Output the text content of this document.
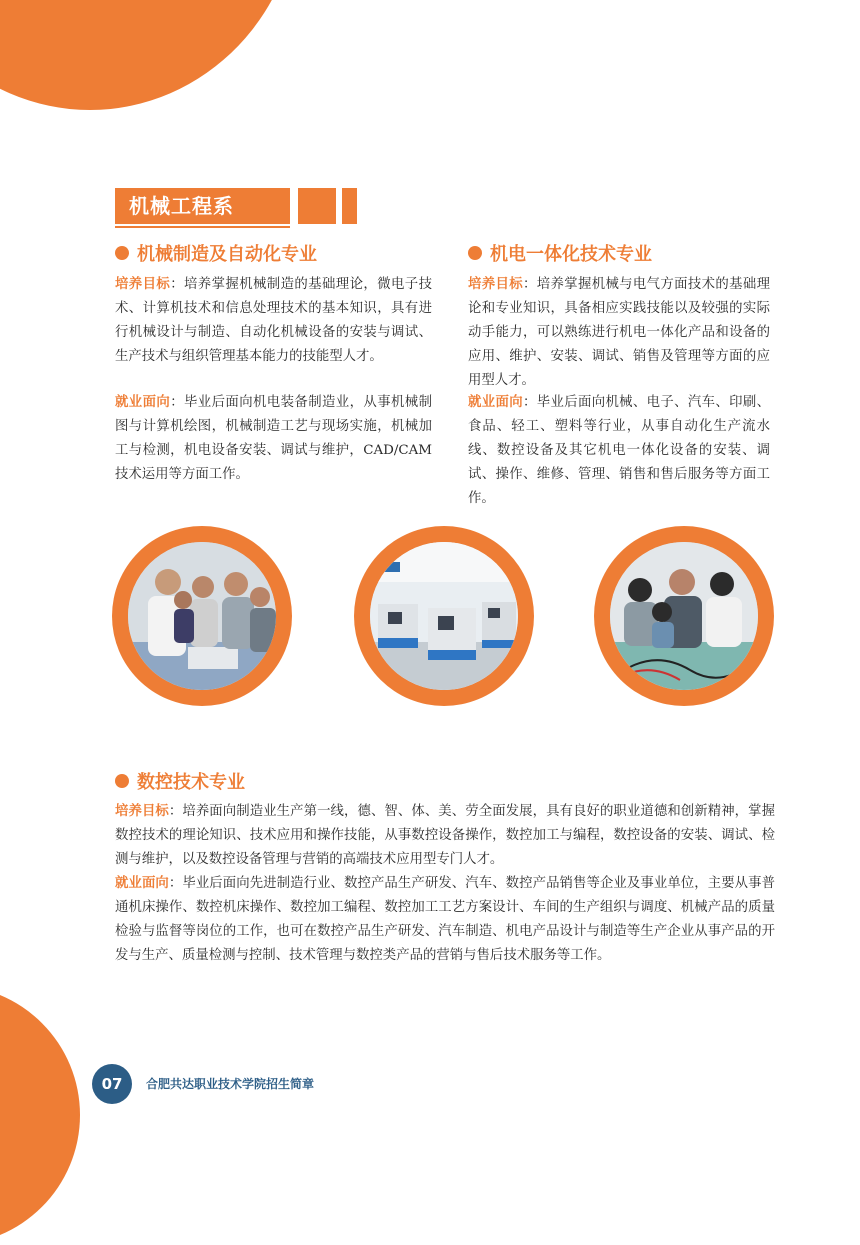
机械工程系
机械制造及自动化专业
培养目标：培养掌握机械制造的基础理论，微电子技术、计算机技术和信息处理技术的基本知识，具有进行机械设计与制造、自动化机械设备的安装与调试、生产技术与组织管理基本能力的技能型人才。
就业面向：毕业后面向机电装备制造业，从事机械制图与计算机绘图，机械制造工艺与现场实施，机械加工与检测，机电设备安装、调试与维护，CAD/CAM 技术运用等方面工作。
机电一体化技术专业
培养目标：培养掌握机械与电气方面技术的基础理论和专业知识，具备相应实践技能以及较强的实际动手能力，可以熟练进行机电一体化产品和设备的应用、维护、安装、调试、销售及管理等方面的应用型人才。
就业面向：毕业后面向机械、电子、汽车、印刷、食品、轻工、塑料等行业，从事自动化生产流水线、数控设备及其它机电一体化设备的安装、调试、操作、维修、管理、销售和售后服务等方面工作。
数控技术专业
培养目标：培养面向制造业生产第一线，德、智、体、美、劳全面发展，具有良好的职业道德和创新精神，掌握数控技术的理论知识、技术应用和操作技能，从事数控设备操作，数控加工与编程，数控设备的安装、调试、检测与维护，以及数控设备管理与营销的高端技术应用型专门人才。
就业面向：毕业后面向先进制造行业、数控产品生产研发、汽车、数控产品销售等企业及事业单位，主要从事普通机床操作、数控机床操作、数控加工编程、数控加工工艺方案设计、车间的生产组织与调度、机械产品的质量检验与监督等岗位的工作，也可在数控产品生产研发、汽车制造、机电产品设计与制造等生产企业从事产品的开发与生产、质量检测与控制、技术管理与数控类产品的营销与售后技术服务等工作。
07	合肥共达职业技术学院招生简章
